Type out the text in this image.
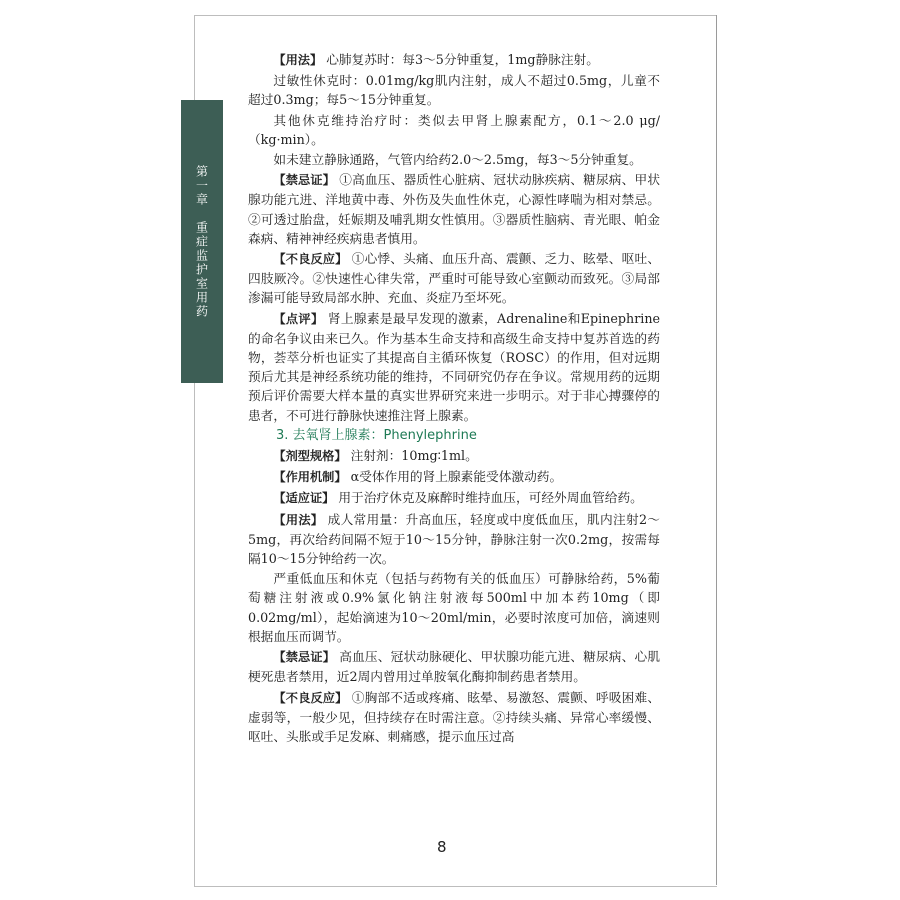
第一章　重症监护室用药

【用法】 心肺复苏时：每3～5分钟重复，1mg静脉注射。

过敏性休克时：0.01mg/kg肌内注射，成人不超过0.5mg，儿童不超过0.3mg；每5～15分钟重复。

其他休克维持治疗时：类似去甲肾上腺素配方，0.1～2.0 μg/（kg·min）。

如未建立静脉通路，气管内给药2.0～2.5mg，每3～5分钟重复。

【禁忌证】 ①高血压、器质性心脏病、冠状动脉疾病、糖尿病、甲状腺功能亢进、洋地黄中毒、外伤及失血性休克，心源性哮喘为相对禁忌。②可透过胎盘，妊娠期及哺乳期女性慎用。③器质性脑病、青光眼、帕金森病、精神神经疾病患者慎用。

【不良反应】 ①心悸、头痛、血压升高、震颤、乏力、眩晕、呕吐、四肢厥冷。②快速性心律失常，严重时可能导致心室颤动而致死。③局部渗漏可能导致局部水肿、充血、炎症乃至坏死。

【点评】 肾上腺素是最早发现的激素，Adrenaline和Epinephrine的命名争议由来已久。作为基本生命支持和高级生命支持中复苏首选的药物，荟萃分析也证实了其提高自主循环恢复（ROSC）的作用，但对远期预后尤其是神经系统功能的维持，不同研究仍存在争议。常规用药的远期预后评价需要大样本量的真实世界研究来进一步明示。对于非心搏骤停的患者，不可进行静脉快速推注肾上腺素。

3. 去氧肾上腺素：Phenylephrine

【剂型规格】 注射剂：10mg∶1ml。

【作用机制】 α受体作用的肾上腺素能受体激动药。

【适应证】 用于治疗休克及麻醉时维持血压，可经外周血管给药。

【用法】 成人常用量：升高血压，轻度或中度低血压，肌内注射2～5mg，再次给药间隔不短于10～15分钟，静脉注射一次0.2mg，按需每隔10～15分钟给药一次。

严重低血压和休克（包括与药物有关的低血压）可静脉给药，5%葡萄糖注射液或0.9%氯化钠注射液每500ml中加本药10mg（即0.02mg/ml），起始滴速为10～20ml/min，必要时浓度可加倍，滴速则根据血压而调节。

【禁忌证】 高血压、冠状动脉硬化、甲状腺功能亢进、糖尿病、心肌梗死患者禁用，近2周内曾用过单胺氧化酶抑制药患者禁用。

【不良反应】 ①胸部不适或疼痛、眩晕、易激怒、震颤、呼吸困难、虚弱等，一般少见，但持续存在时需注意。②持续头痛、异常心率缓慢、呕吐、头胀或手足发麻、刺痛感，提示血压过高

8
